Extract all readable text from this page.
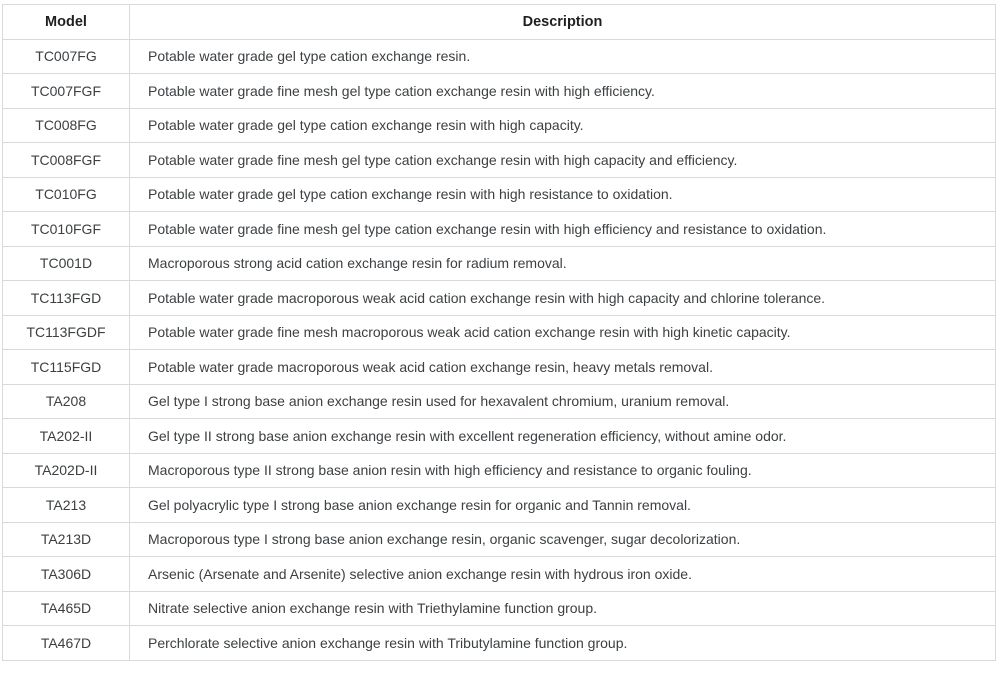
Model	Description
TC007FG	Potable water grade gel type cation exchange resin.
TC007FGF	Potable water grade fine mesh gel type cation exchange resin with high efficiency.
TC008FG	Potable water grade gel type cation exchange resin with high capacity.
TC008FGF	Potable water grade fine mesh gel type cation exchange resin with high capacity and efficiency.
TC010FG	Potable water grade gel type cation exchange resin with high resistance to oxidation.
TC010FGF	Potable water grade fine mesh gel type cation exchange resin with high efficiency and resistance to oxidation.
TC001D	Macroporous strong acid cation exchange resin for radium removal.
TC113FGD	Potable water grade macroporous weak acid cation exchange resin with high capacity and chlorine tolerance.
TC113FGDF	Potable water grade fine mesh macroporous weak acid cation exchange resin with high kinetic capacity.
TC115FGD	Potable water grade macroporous weak acid cation exchange resin, heavy metals removal.
TA208	Gel type I strong base anion exchange resin used for hexavalent chromium, uranium removal.
TA202-II	Gel type II strong base anion exchange resin with excellent regeneration efficiency, without amine odor.
TA202D-II	Macroporous type II strong base anion resin with high efficiency and resistance to organic fouling.
TA213	Gel polyacrylic type I strong base anion exchange resin for organic and Tannin removal.
TA213D	Macroporous type I strong base anion exchange resin, organic scavenger, sugar decolorization.
TA306D	Arsenic (Arsenate and Arsenite) selective anion exchange resin with hydrous iron oxide.
TA465D	Nitrate selective anion exchange resin with Triethylamine function group.
TA467D	Perchlorate selective anion exchange resin with Tributylamine function group.
